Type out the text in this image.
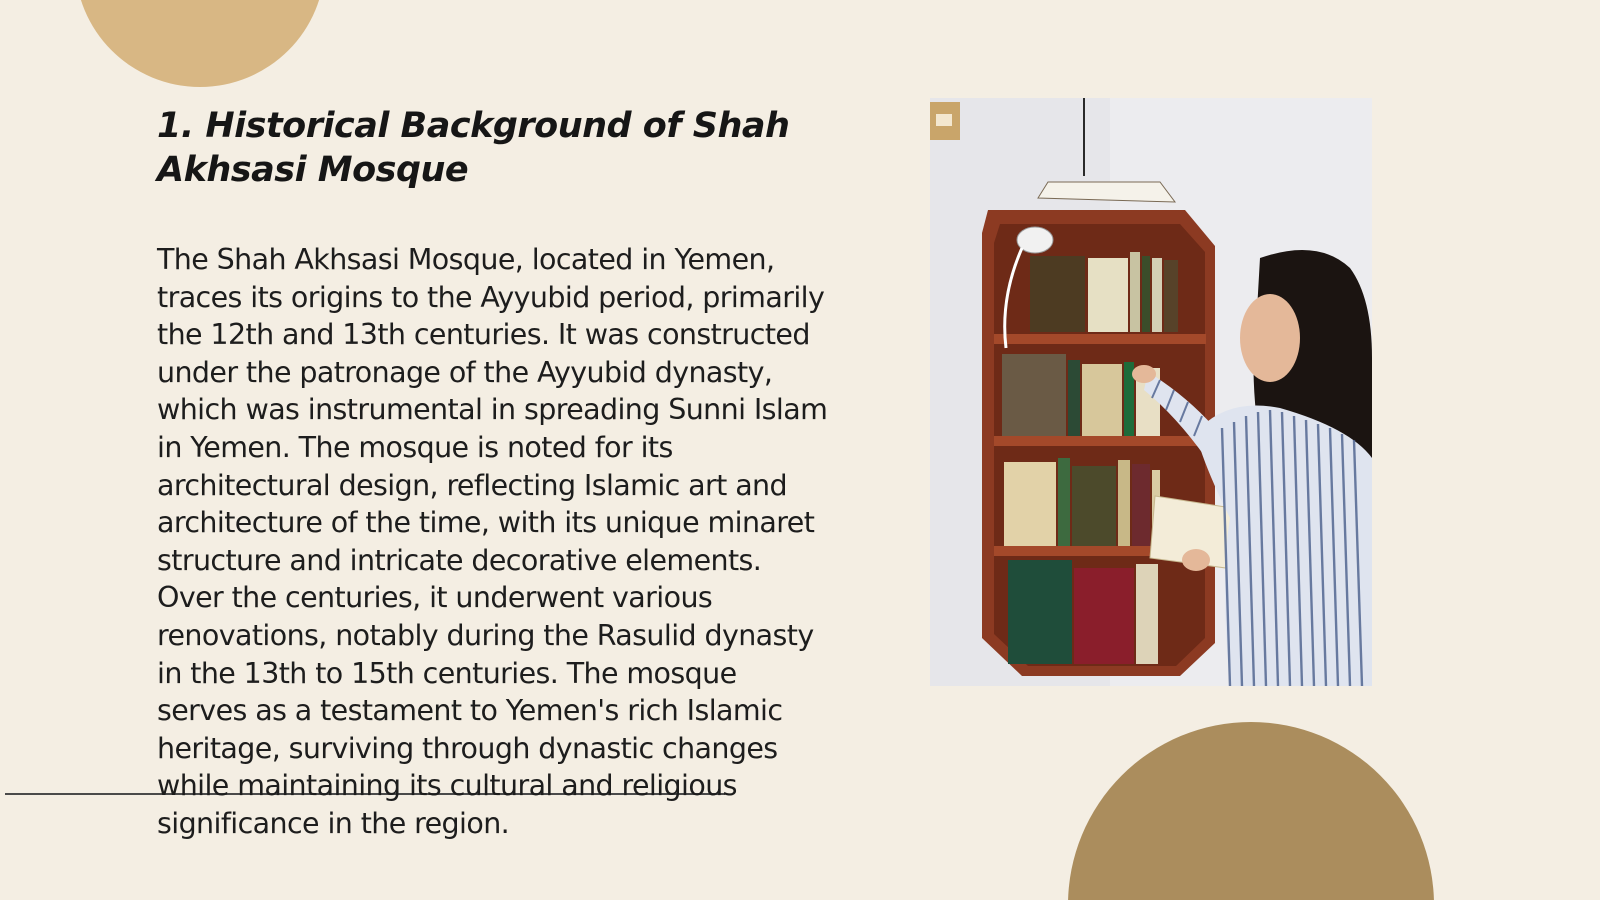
1. Historical Background of Shah Akhsasi Mosque

The Shah Akhsasi Mosque, located in Yemen, traces its origins to the Ayyubid period, primarily the 12th and 13th centuries. It was constructed under the patronage of the Ayyubid dynasty, which was instrumental in spreading Sunni Islam in Yemen. The mosque is noted for its architectural design, reflecting Islamic art and architecture of the time, with its unique minaret structure and intricate decorative elements. Over the centuries, it underwent various renovations, notably during the Rasulid dynasty in the 13th to 15th centuries. The mosque serves as a testament to Yemen's rich Islamic heritage, surviving through dynastic changes while maintaining its cultural and religious significance in the region.
